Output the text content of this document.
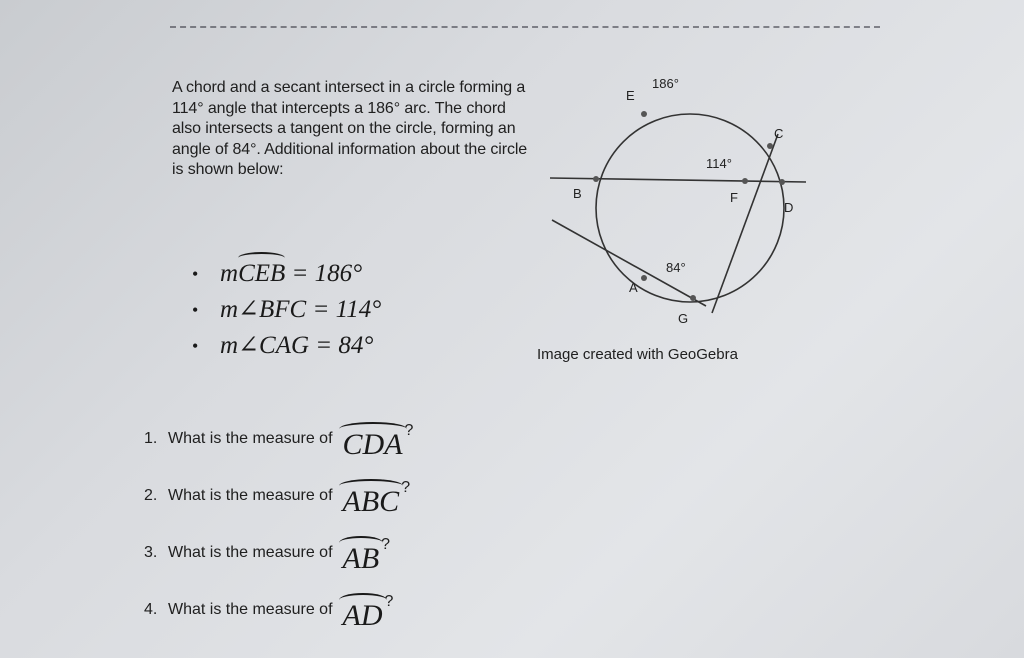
A chord and a secant intersect in a circle forming a 114° angle that intercepts a 186° arc. The chord also intersects a tangent on the circle, forming an angle of 84°. Additional information about the circle is shown below:
• mCEB = 186°
• m∠BFC = 114°
• m∠CAG = 84°
E
186°
C
114°
B	F
D
84°
A
G
Image created with GeoGebra
1. What is the measure of CDA ?
2. What is the measure of ABC ?
3. What is the measure of AB ?
4. What is the measure of AD ?
